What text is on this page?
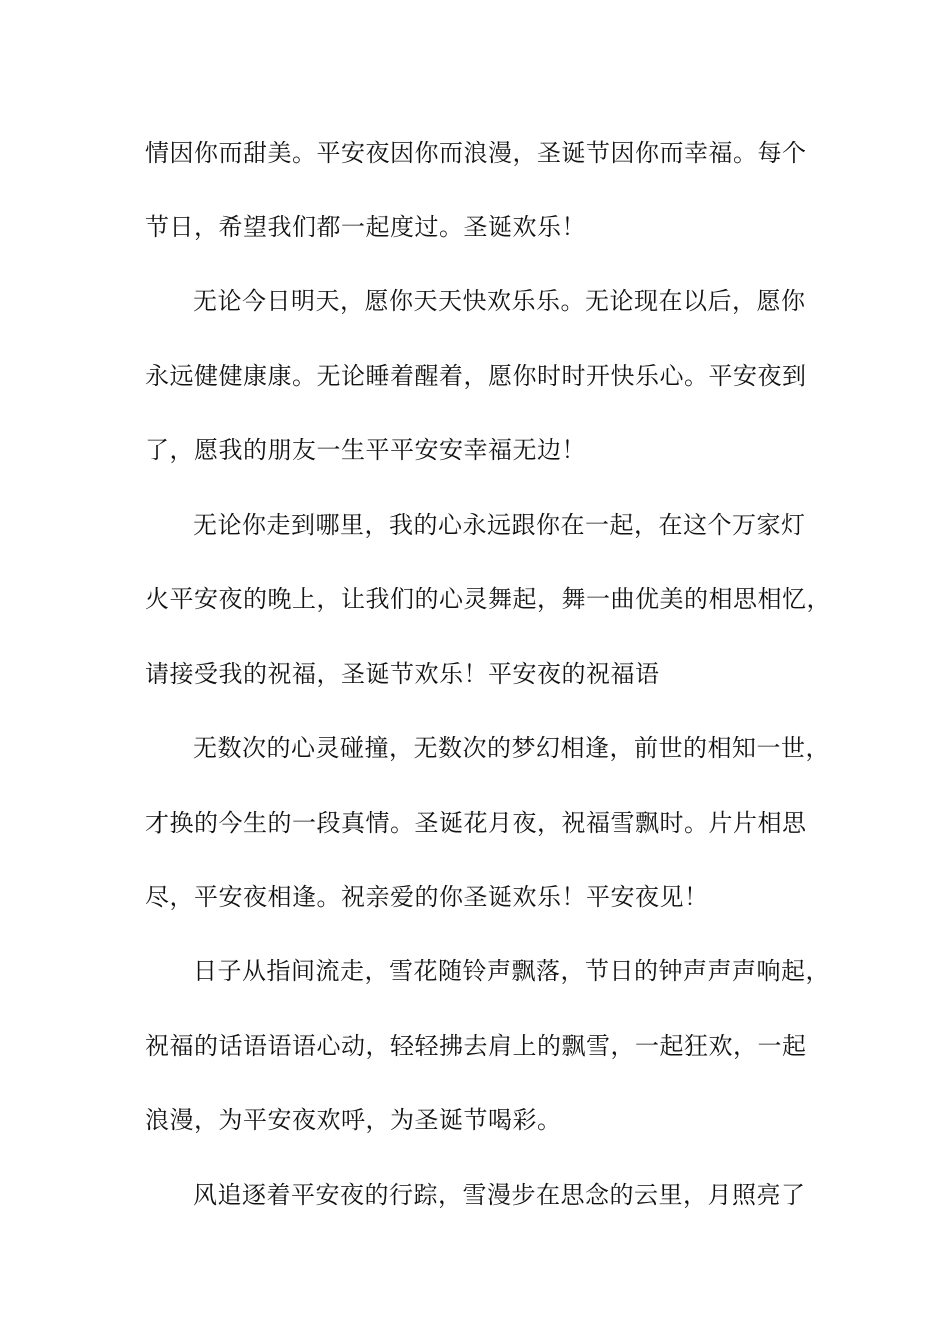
情因你而甜美。平安夜因你而浪漫，圣诞节因你而幸福。每个
节日，希望我们都一起度过。圣诞欢乐！
无论今日明天，愿你天天快欢乐乐。无论现在以后，愿你
永远健健康康。无论睡着醒着，愿你时时开快乐心。平安夜到
了，愿我的朋友一生平平安安幸福无边！
无论你走到哪里，我的心永远跟你在一起，在这个万家灯
火平安夜的晚上，让我们的心灵舞起，舞一曲优美的相思相忆，
请接受我的祝福，圣诞节欢乐！平安夜的祝福语
无数次的心灵碰撞，无数次的梦幻相逢，前世的相知一世，
才换的今生的一段真情。圣诞花月夜，祝福雪飘时。片片相思
尽，平安夜相逢。祝亲爱的你圣诞欢乐！平安夜见！
日子从指间流走，雪花随铃声飘落，节日的钟声声声响起，
祝福的话语语语心动，轻轻拂去肩上的飘雪，一起狂欢，一起
浪漫，为平安夜欢呼，为圣诞节喝彩。
风追逐着平安夜的行踪，雪漫步在思念的云里，月照亮了
